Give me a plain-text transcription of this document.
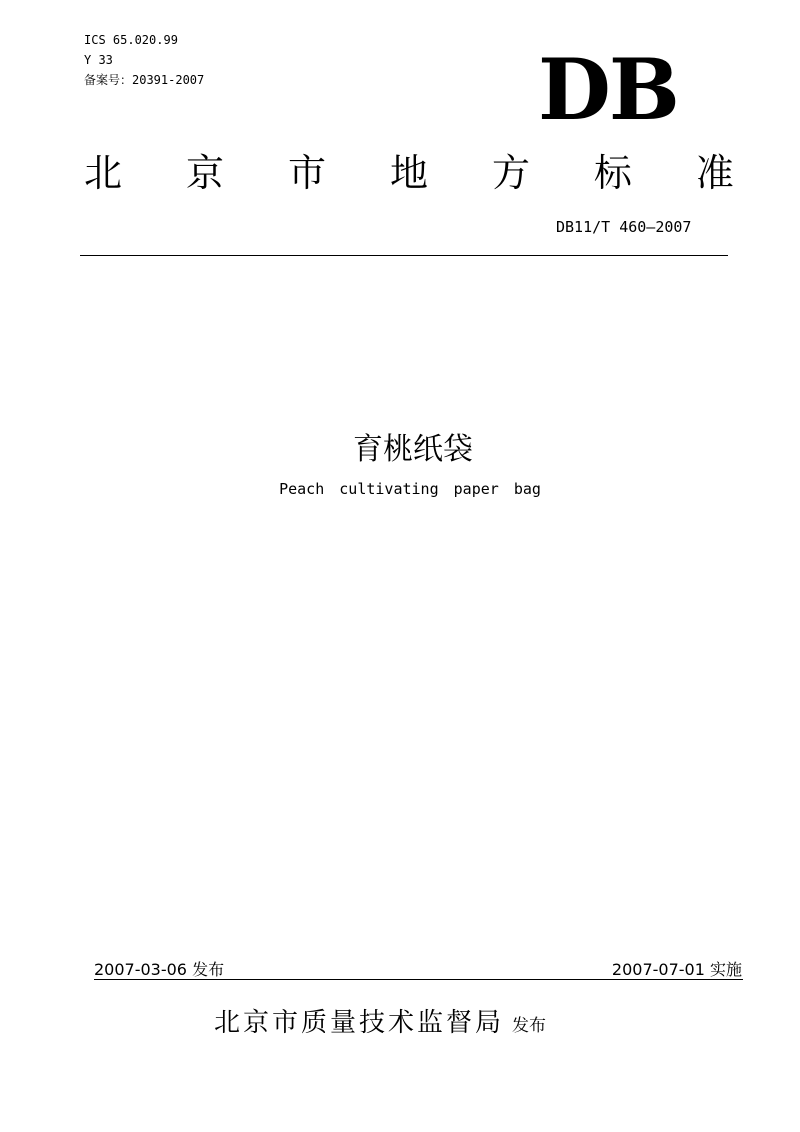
ICS 65.020.99
Y 33
备案号：20391-2007	DB
北 京 市 地 方 标 准
DB11/T 460—2007
育桃纸袋
Peach cultivating paper bag
2007-03-06 发布	2007-07-01 实施
北京市质量技术监督局 发布
